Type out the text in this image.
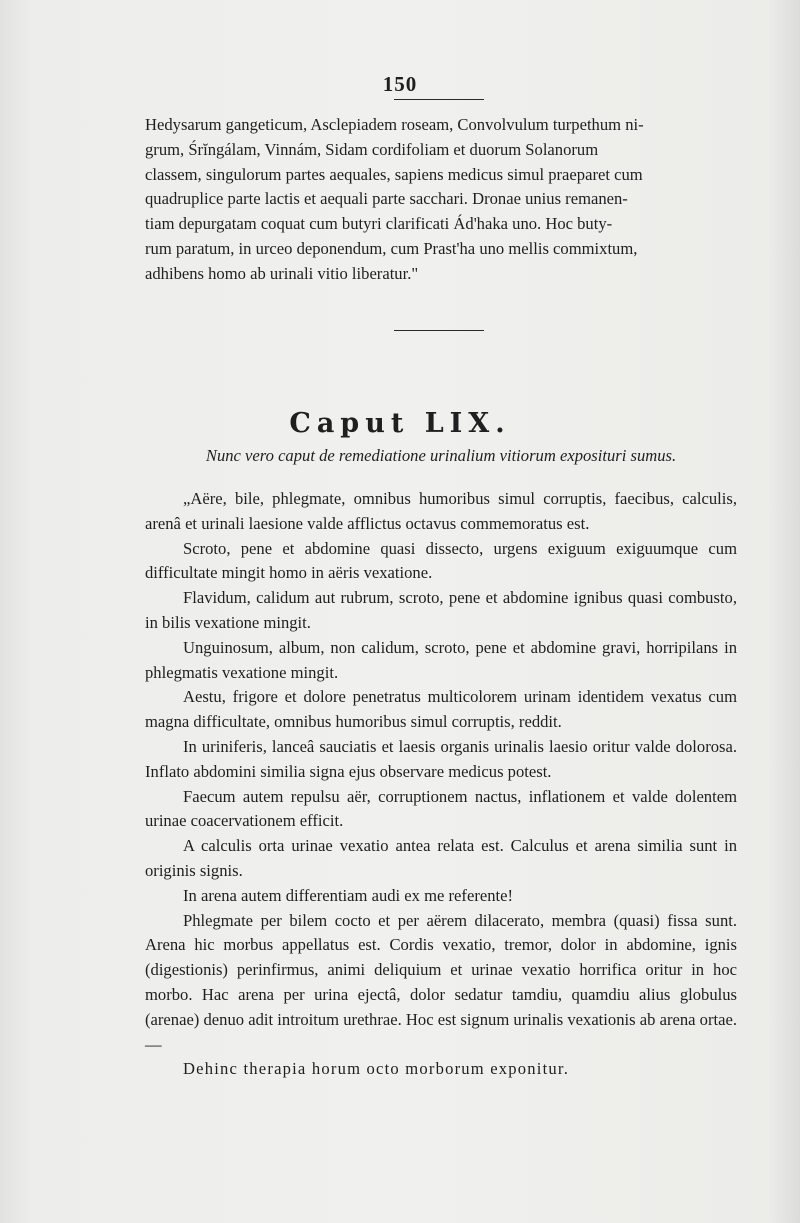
150

Hedysarum gangeticum, Asclepiadem roseam, Convolvulum turpethum ni-

grum, Śrĭngálam, Vinnám, Sidam cordifoliam et duorum Solanorum

classem, singulorum partes aequales, sapiens medicus simul praeparet cum

quadruplice parte lactis et aequali parte sacchari. Dronae unius remanen-

tiam depurgatam coquat cum butyri clarificati Ád'haka uno. Hoc buty-

rum paratum, in urceo deponendum, cum Prast'ha uno mellis commixtum,

adhibens homo ab urinali vitio liberatur."

Caput LIX.
Nunc vero caput de remediatione urinalium vitiorum exposituri sumus.

„Aëre, bile, phlegmate, omnibus humoribus simul corruptis, faecibus, calculis, arenâ et urinali laesione valde afflictus octavus commemoratus est.

Scroto, pene et abdomine quasi dissecto, urgens exiguum exiguumque cum difficultate mingit homo in aëris vexatione.

Flavidum, calidum aut rubrum, scroto, pene et abdomine ignibus quasi combusto, in bilis vexatione mingit.

Unguinosum, album, non calidum, scroto, pene et abdomine gravi, horripilans in phlegmatis vexatione mingit.

Aestu, frigore et dolore penetratus multicolorem urinam identidem vexatus cum magna difficultate, omnibus humoribus simul corruptis, reddit.

In uriniferis, lanceâ sauciatis et laesis organis urinalis laesio oritur valde dolorosa. Inflato abdomini similia signa ejus observare medicus potest.

Faecum autem repulsu aër, corruptionem nactus, inflationem et valde dolentem urinae coacervationem efficit.

A calculis orta urinae vexatio antea relata est. Calculus et arena similia sunt in originis signis.

In arena autem differentiam audi ex me referente!

Phlegmate per bilem cocto et per aërem dilacerato, membra (quasi) fissa sunt. Arena hic morbus appellatus est. Cordis vexatio, tremor, dolor in abdomine, ignis (digestionis) perinfirmus, animi deliquium et urinae vexatio horrifica oritur in hoc morbo. Hac arena per urina ejectâ, dolor sedatur tamdiu, quamdiu alius globulus (arenae) denuo adit introitum urethrae. Hoc est signum urinalis vexationis ab arena ortae. —

Dehinc therapia horum octo morborum exponitur.
